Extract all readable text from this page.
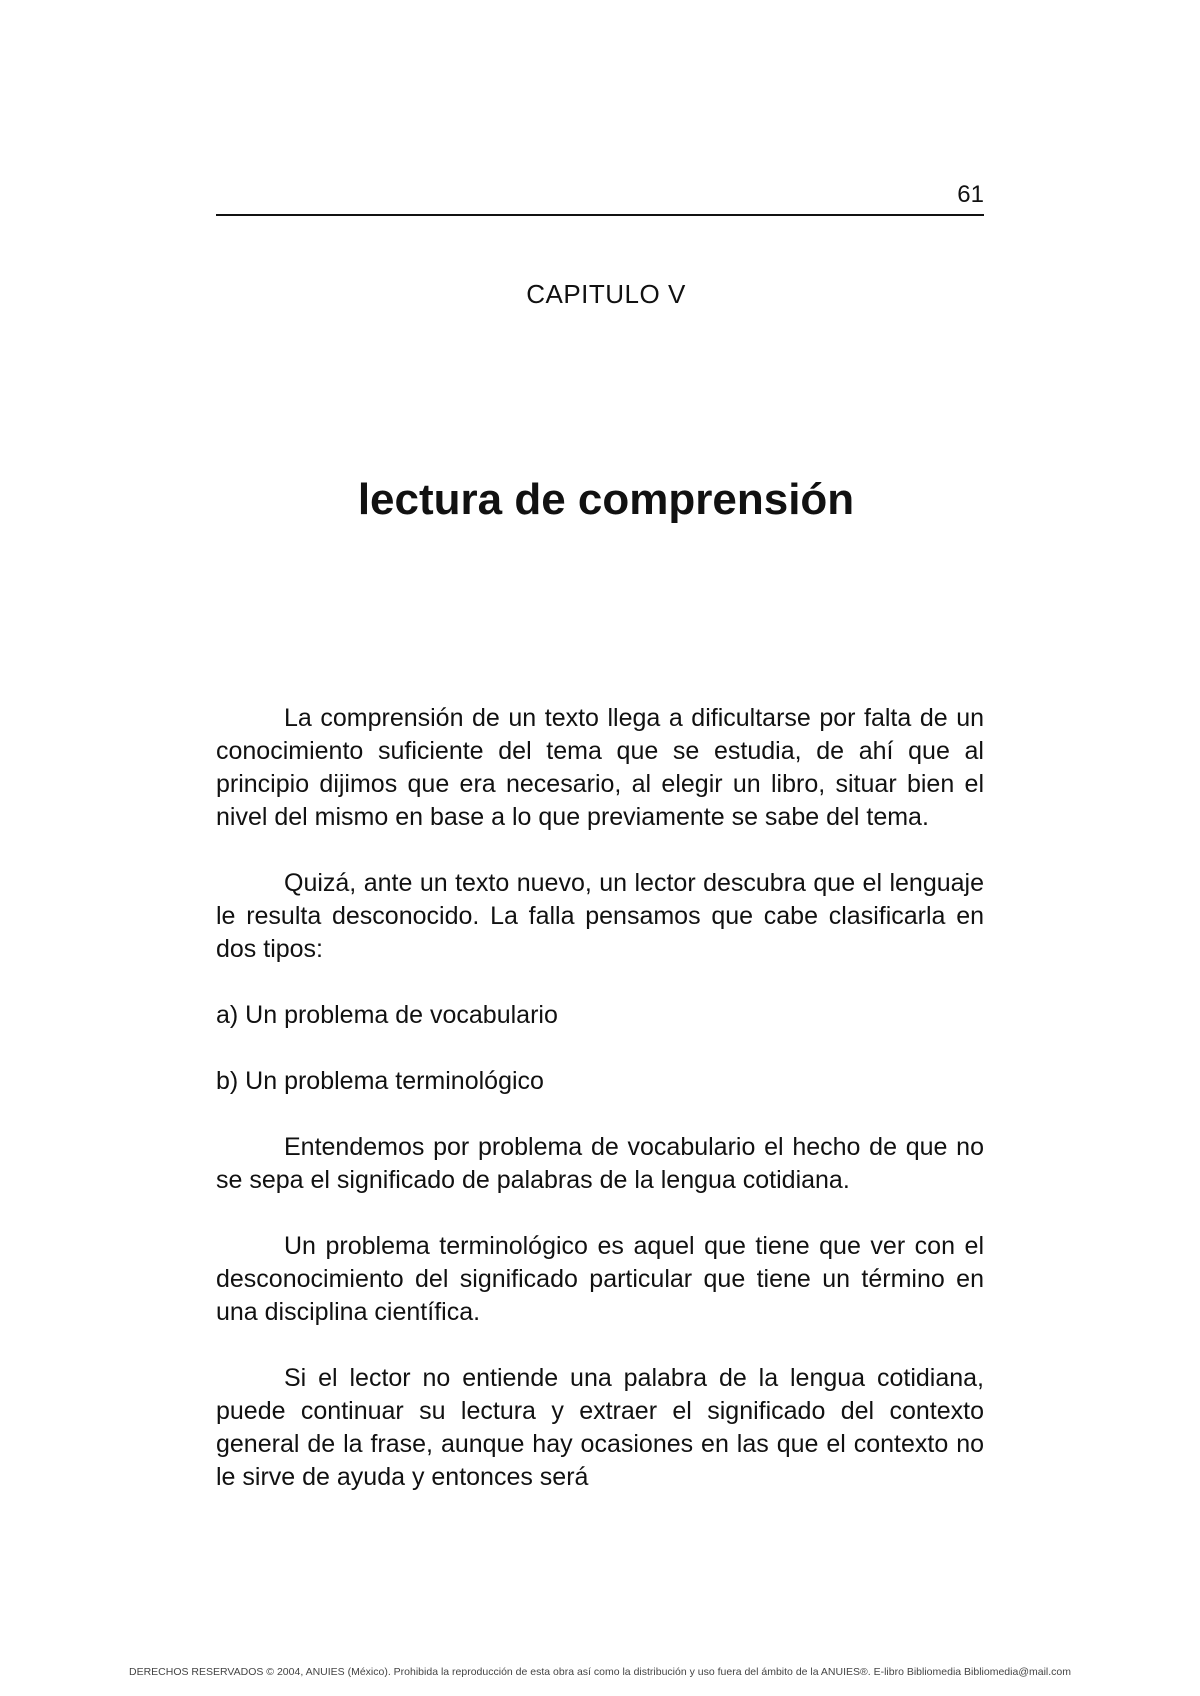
61
CAPITULO V
lectura de comprensión

La comprensión de un texto llega a dificultarse por falta de un conocimiento suficiente del tema que se estudia, de ahí que al principio dijimos que era necesario, al elegir un libro, situar bien el nivel del mismo en base a lo que previamente se sabe del tema.

Quizá, ante un texto nuevo, un lector descubra que el lenguaje le resulta desconocido. La falla pensamos que cabe clasificarla en dos tipos:

a) Un problema de vocabulario

b) Un problema terminológico

Entendemos por problema de vocabulario el hecho de que no se sepa el significado de palabras de la lengua cotidiana.

Un problema terminológico es aquel que tiene que ver con el desconocimiento del significado particular que tiene un término en una disciplina científica.

Si el lector no entiende una palabra de la lengua cotidiana, puede continuar su lectura y extraer el significado del contexto general de la frase, aunque hay ocasiones en las que el contexto no le sirve de ayuda y entonces será

DERECHOS RESERVADOS © 2004, ANUIES (México). Prohibida la reproducción de esta obra así como la distribución y uso fuera del ámbito de la ANUIES®. E-libro Bibliomedia Bibliomedia@mail.com
